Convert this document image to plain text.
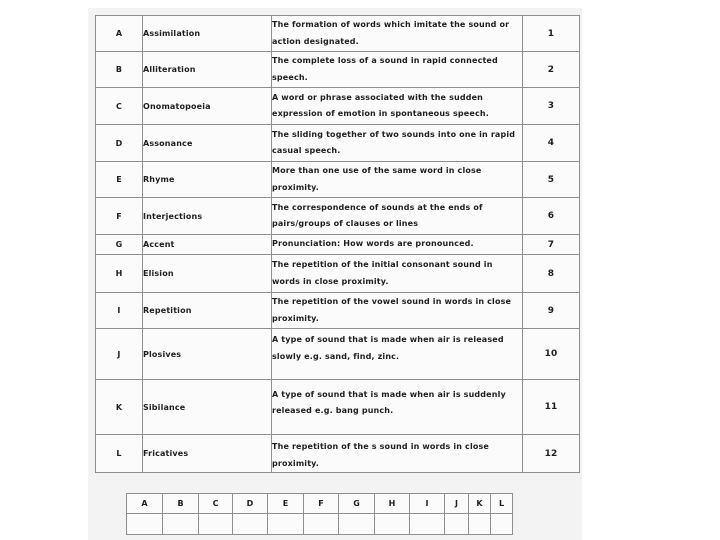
A	Assimilation	The formation of words which imitate the sound or action designated.	1
B	Alliteration	The complete loss of a sound in rapid connected speech.	2
C	Onomatopoeia	A word or phrase associated with the sudden expression of emotion in spontaneous speech.	3
D	Assonance	The sliding together of two sounds into one in rapid casual speech.	4
E	Rhyme	More than one use of the same word in close proximity.	5
F	Interjections	The correspondence of sounds at the ends of pairs/groups of clauses or lines	6
G	Accent	Pronunciation: How words are pronounced.	7
H	Elision	The repetition of the initial consonant sound in words in close proximity.	8
I	Repetition	The repetition of the vowel sound in words in close proximity.	9
J	Plosives	A type of sound that is made when air is released slowly e.g. sand, find, zinc.	10
K	Sibilance	A type of sound that is made when air is suddenly released e.g. bang punch.	11
L	Fricatives	The repetition of the s sound in words in close proximity.	12
A	B	C	D	E	F	G	H	I	J	K	L
